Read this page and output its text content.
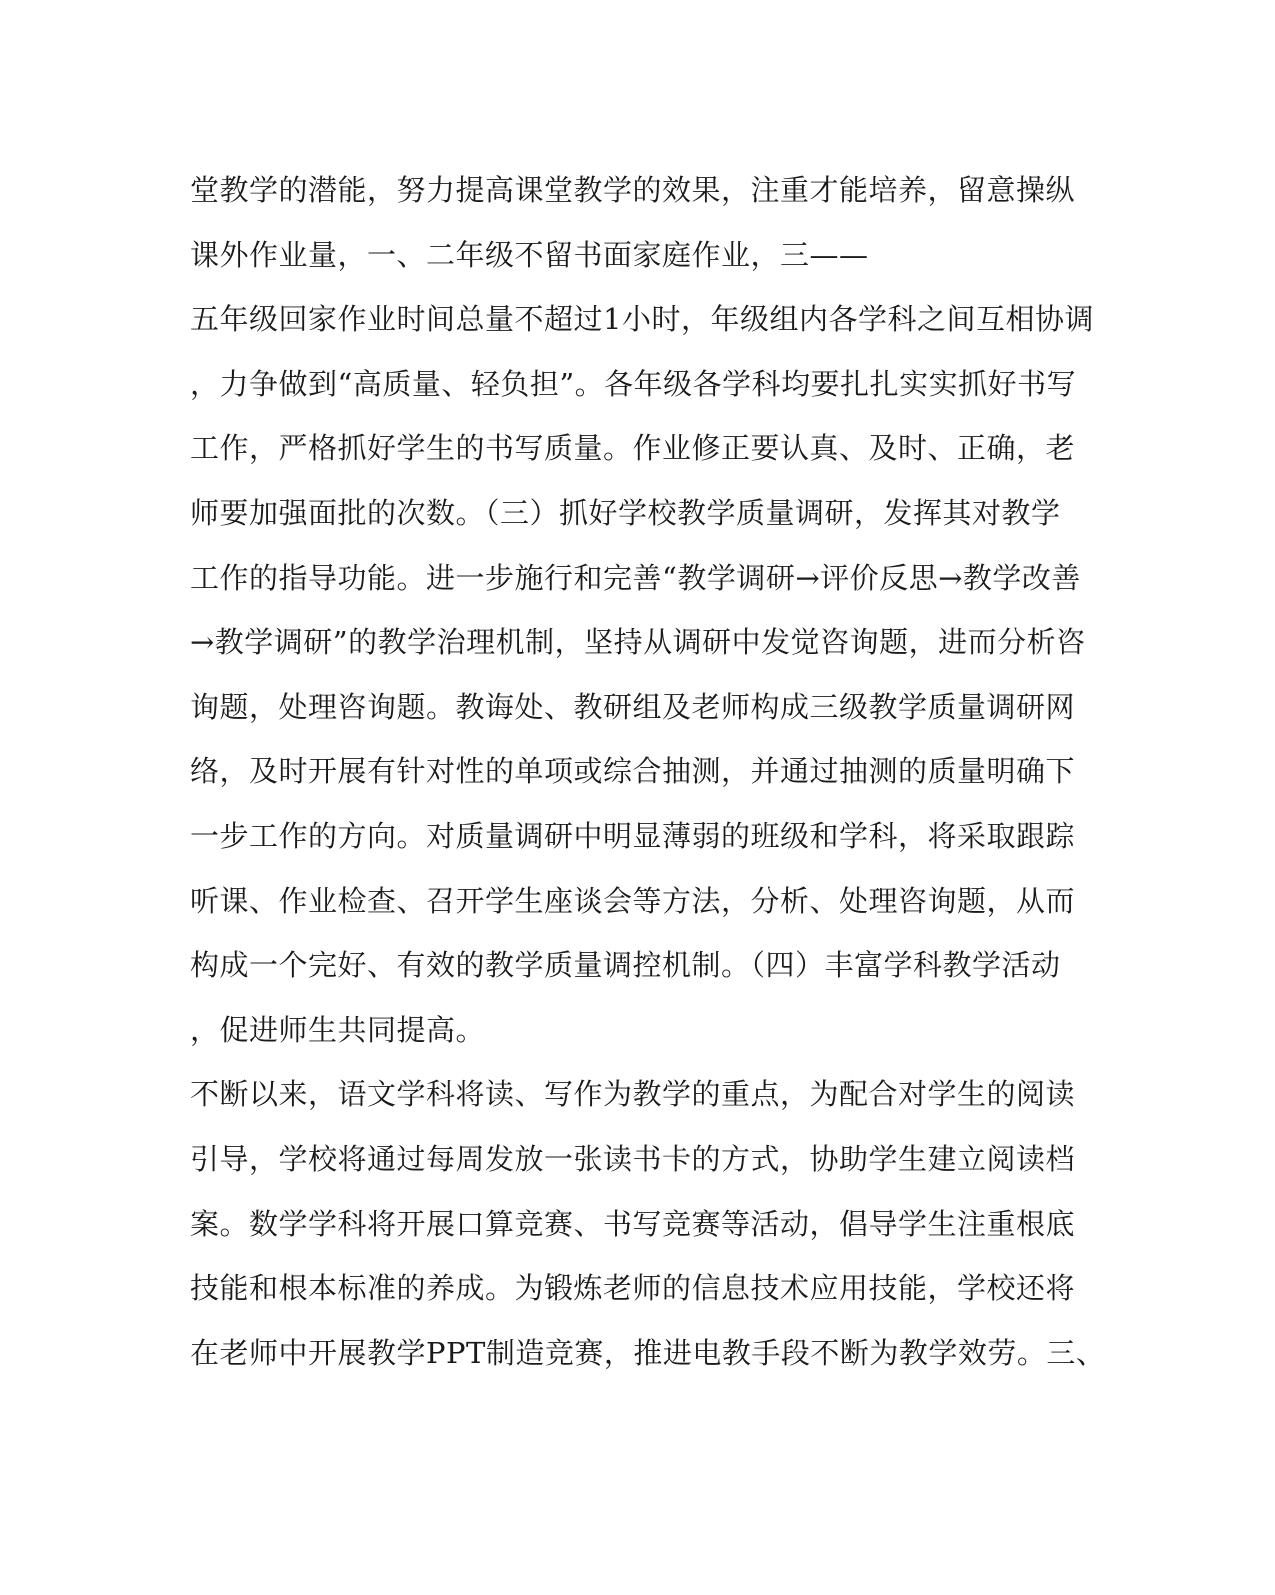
堂教学的潜能，努力提高课堂教学的效果，注重才能培养，留意操纵
课外作业量，一、二年级不留书面家庭作业，三——
五年级回家作业时间总量不超过1小时，年级组内各学科之间互相协调
，力争做到“高质量、轻负担”。各年级各学科均要扎扎实实抓好书写
工作，严格抓好学生的书写质量。作业修正要认真、及时、正确，老
师要加强面批的次数。（三）抓好学校教学质量调研，发挥其对教学
工作的指导功能。进一步施行和完善“教学调研→评价反思→教学改善
→教学调研”的教学治理机制，坚持从调研中发觉咨询题，进而分析咨
询题，处理咨询题。教诲处、教研组及老师构成三级教学质量调研网
络，及时开展有针对性的单项或综合抽测，并通过抽测的质量明确下
一步工作的方向。对质量调研中明显薄弱的班级和学科，将采取跟踪
听课、作业检查、召开学生座谈会等方法，分析、处理咨询题，从而
构成一个完好、有效的教学质量调控机制。（四）丰富学科教学活动
，促进师生共同提高。
不断以来，语文学科将读、写作为教学的重点，为配合对学生的阅读
引导，学校将通过每周发放一张读书卡的方式，协助学生建立阅读档
案。数学学科将开展口算竞赛、书写竞赛等活动，倡导学生注重根底
技能和根本标准的养成。为锻炼老师的信息技术应用技能，学校还将
在老师中开展教学PPT制造竞赛，推进电教手段不断为教学效劳。三、
